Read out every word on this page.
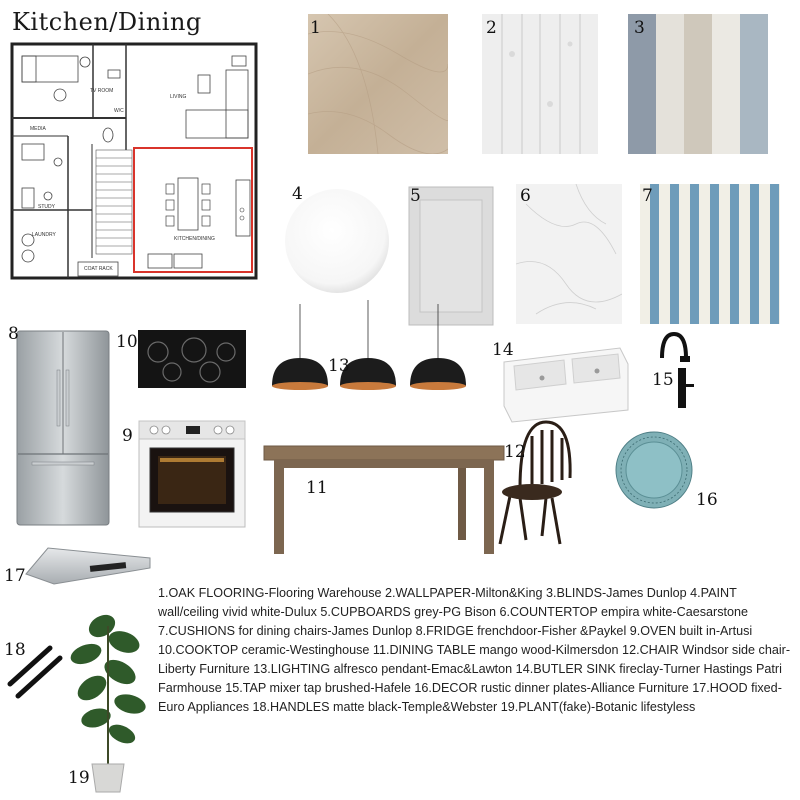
Kitchen/Dining
TV ROOM
LIVING
W/C
MEDIA
STUDY
LAUNDRY
COAT RACK
KITCHEN/DINING
1	2	3
4	5	6	7
8	10
9
13
14
15
11
12
16
17
18
19
1.OAK FLOORING-Flooring Warehouse 2.WALLPAPER-Milton&King 3.BLINDS-James Dunlop 4.PAINT wall/ceiling vivid white-Dulux 5.CUPBOARDS grey-PG Bison 6.COUNTERTOP empira white-Caesarstone 7.CUSHIONS for dining chairs-James Dunlop 8.FRIDGE frenchdoor-Fisher &Paykel 9.OVEN built in-Artusi 10.COOKTOP ceramic-Westinghouse 11.DINING TABLE mango wood-Kilmersdon 12.CHAIR Windsor side chair-Liberty Furniture 13.LIGHTING alfresco pendant-Emac&Lawton 14.BUTLER SINK fireclay-Turner Hastings Patri Farmhouse 15.TAP mixer tap brushed-Hafele 16.DECOR rustic dinner plates-Alliance Furniture 17.HOOD fixed-Euro Appliances 18.HANDLES matte black-Temple&Webster 19.PLANT(fake)-Botanic lifestyless
